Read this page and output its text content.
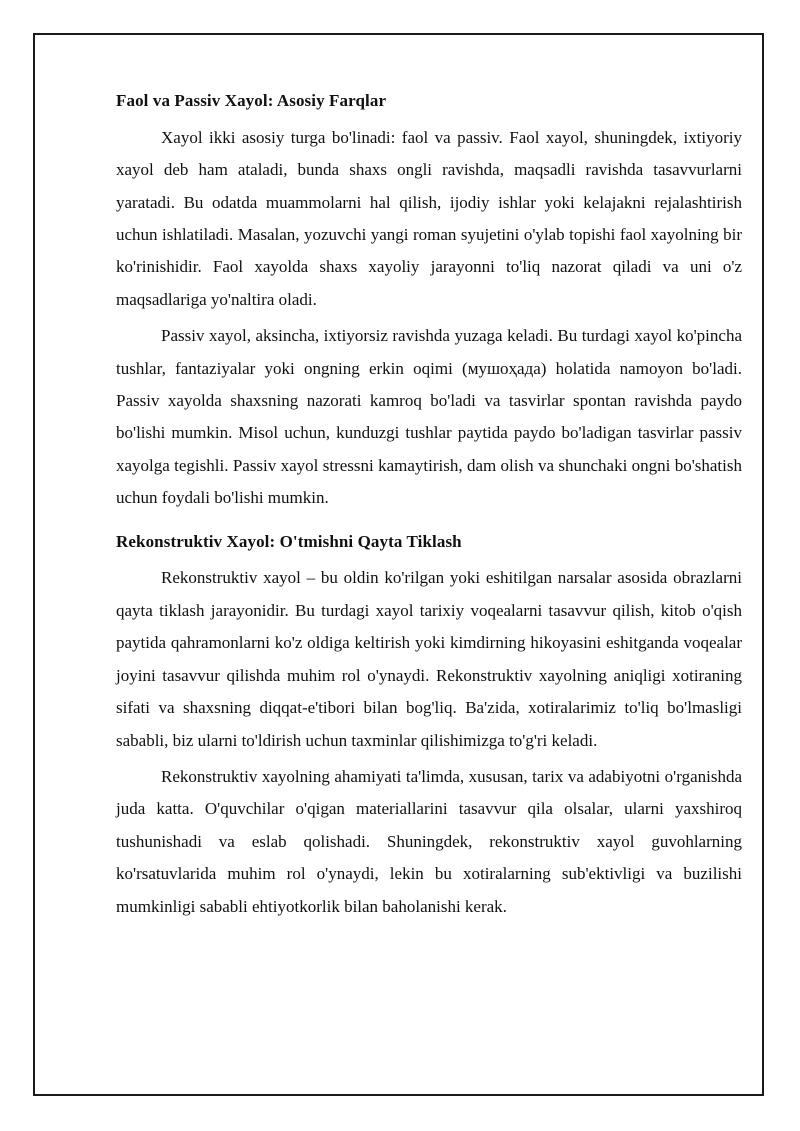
Faol va Passiv Xayol: Asosiy Farqlar

Xayol ikki asosiy turga bo'linadi: faol va passiv. Faol xayol, shuningdek, ixtiyoriy xayol deb ham ataladi, bunda shaxs ongli ravishda, maqsadli ravishda tasavvurlarni yaratadi. Bu odatda muammolarni hal qilish, ijodiy ishlar yoki kelajakni rejalashtirish uchun ishlatiladi. Masalan, yozuvchi yangi roman syujetini o'ylab topishi faol xayolning bir ko'rinishidir. Faol xayolda shaxs xayoliy jarayonni to'liq nazorat qiladi va uni o'z maqsadlariga yo'naltira oladi.

Passiv xayol, aksincha, ixtiyorsiz ravishda yuzaga keladi. Bu turdagi xayol ko'pincha tushlar, fantaziyalar yoki ongning erkin oqimi (мушоҳада) holatida namoyon bo'ladi. Passiv xayolda shaxsning nazorati kamroq bo'ladi va tasvirlar spontan ravishda paydo bo'lishi mumkin. Misol uchun, kunduzgi tushlar paytida paydo bo'ladigan tasvirlar passiv xayolga tegishli. Passiv xayol stressni kamaytirish, dam olish va shunchaki ongni bo'shatish uchun foydali bo'lishi mumkin.

Rekonstruktiv Xayol: O'tmishni Qayta Tiklash

Rekonstruktiv xayol – bu oldin ko'rilgan yoki eshitilgan narsalar asosida obrazlarni qayta tiklash jarayonidir. Bu turdagi xayol tarixiy voqealarni tasavvur qilish, kitob o'qish paytida qahramonlarni ko'z oldiga keltirish yoki kimdirning hikoyasini eshitganda voqealar joyini tasavvur qilishda muhim rol o'ynaydi. Rekonstruktiv xayolning aniqligi xotiraning sifati va shaxsning diqqat-e'tibori bilan bog'liq. Ba'zida, xotiralarimiz to'liq bo'lmasligi sababli, biz ularni to'ldirish uchun taxminlar qilishimizga to'g'ri keladi.

Rekonstruktiv xayolning ahamiyati ta'limda, xususan, tarix va adabiyotni o'rganishda juda katta. O'quvchilar o'qigan materiallarini tasavvur qila olsalar, ularni yaxshiroq tushunishadi va eslab qolishadi. Shuningdek, rekonstruktiv xayol guvohlarning ko'rsatuvlarida muhim rol o'ynaydi, lekin bu xotiralarning sub'ektivligi va buzilishi mumkinligi sababli ehtiyotkorlik bilan baholanishi kerak.
